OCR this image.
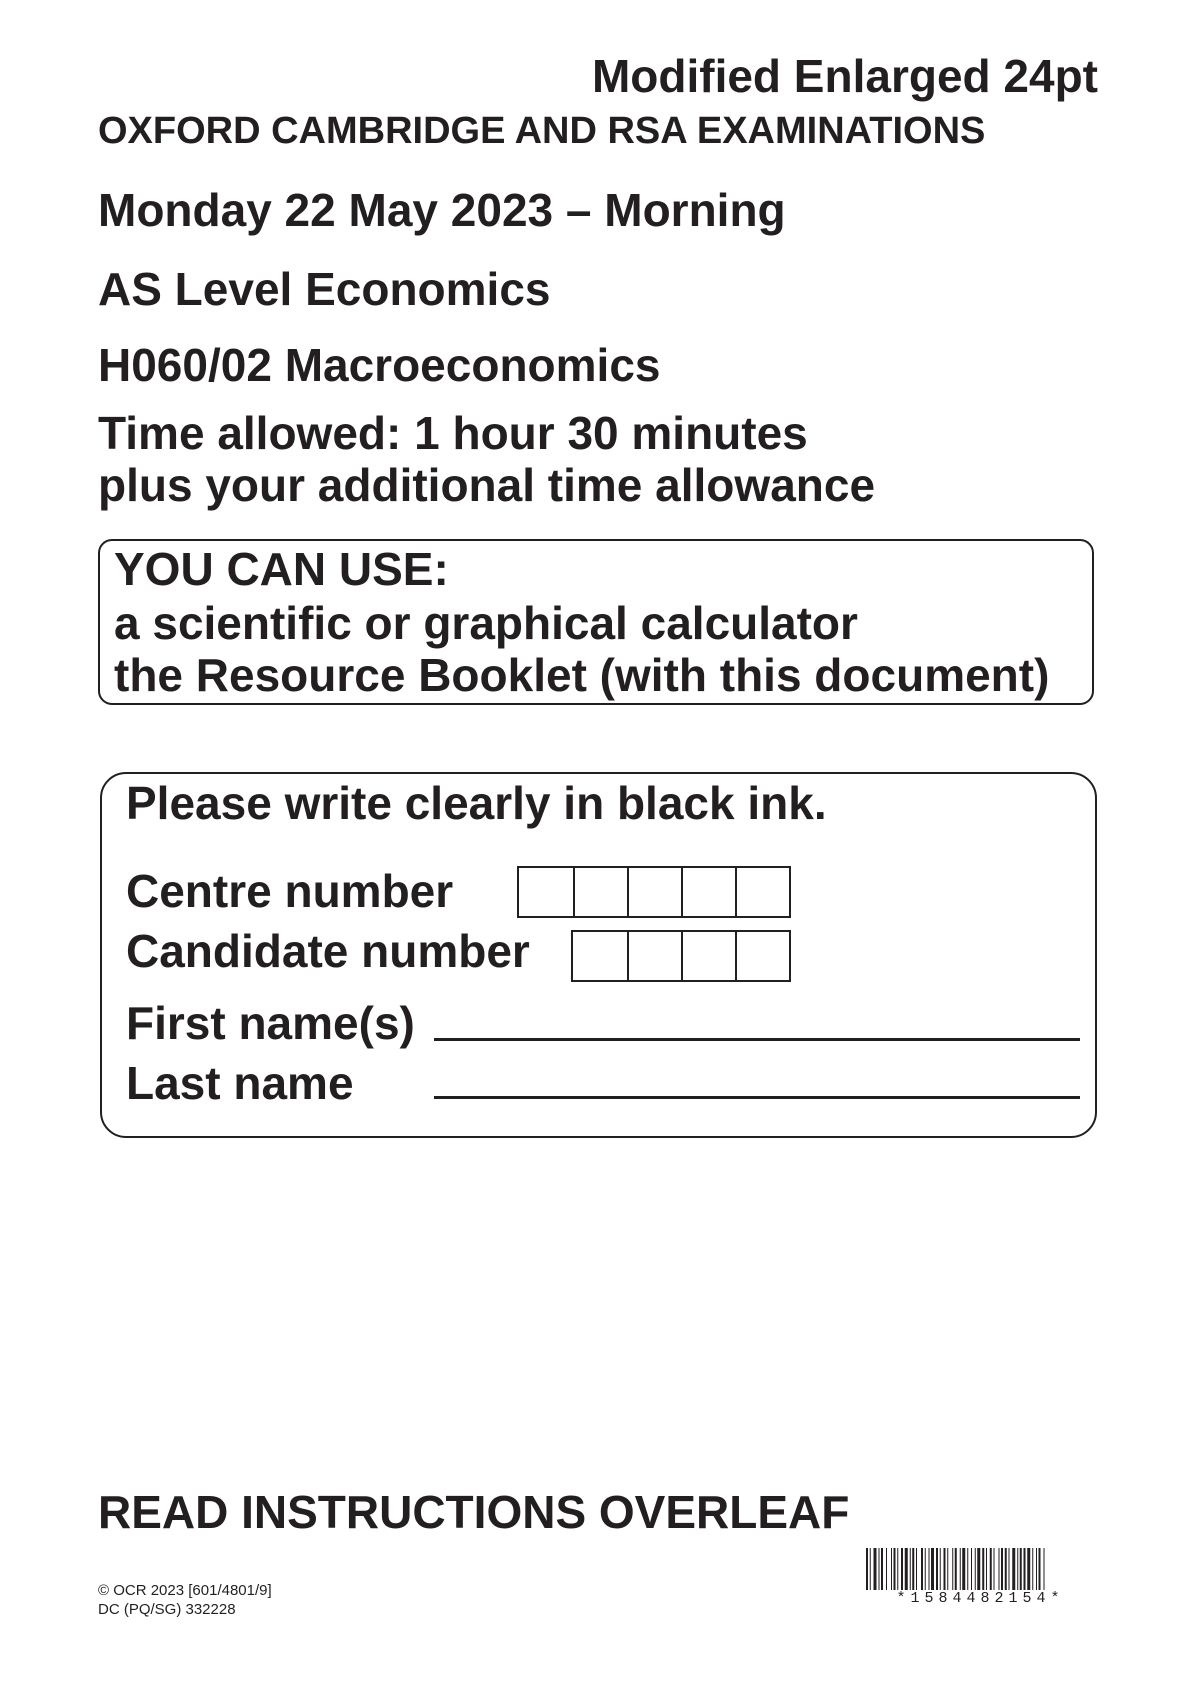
Modified Enlarged 24pt
OXFORD CAMBRIDGE AND RSA EXAMINATIONS
Monday 22 May 2023 – Morning
AS Level Economics
H060/02 Macroeconomics
Time allowed: 1 hour 30 minutes
plus your additional time allowance
YOU CAN USE:
a scientific or graphical calculator
the Resource Booklet (with this document)
Please write clearly in black ink.
Centre number
Candidate number
First name(s)
Last name
READ INSTRUCTIONS OVERLEAF
© OCR 2023 [601/4801/9]
DC (PQ/SG) 332228
*1584482154*
